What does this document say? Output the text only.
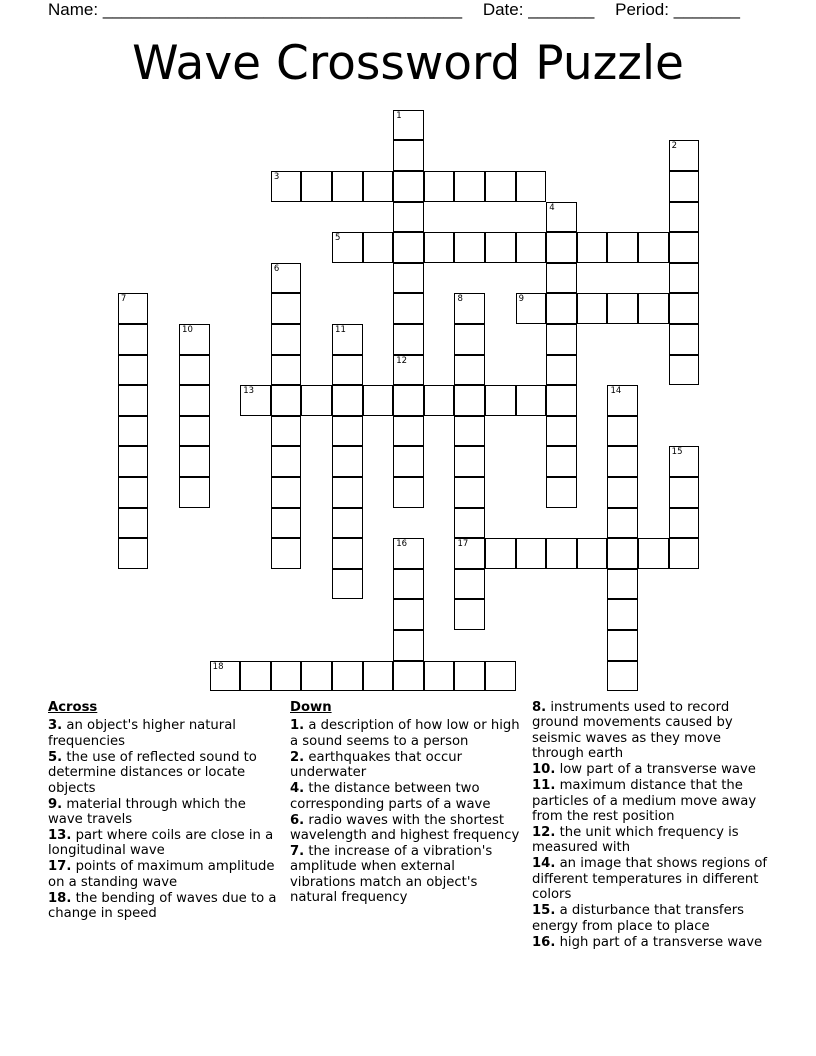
Name: ______________________________________ Date: _______ Period: _______
Wave Crossword Puzzle
1
2
3
4
5
6
7	8
17
9
10	11
12
13	14
15
16
18
Across
3. an object's higher natural frequencies
5. the use of reflected sound to determine distances or locate objects
9. material through which the wave travels
13. part where coils are close in a longitudinal wave
17. points of maximum amplitude on a standing wave
18. the bending of waves due to a change in speed
Down
1. a description of how low or high a sound seems to a person
2. earthquakes that occur underwater
4. the distance between two corresponding parts of a wave
6. radio waves with the shortest wavelength and highest frequency
7. the increase of a vibration's amplitude when external vibrations match an object's natural frequency
8. instruments used to record ground movements caused by seismic waves as they move through earth
10. low part of a transverse wave
11. maximum distance that the particles of a medium move away from the rest position
12. the unit which frequency is measured with
14. an image that shows regions of different temperatures in different colors
15. a disturbance that transfers energy from place to place
16. high part of a transverse wave
